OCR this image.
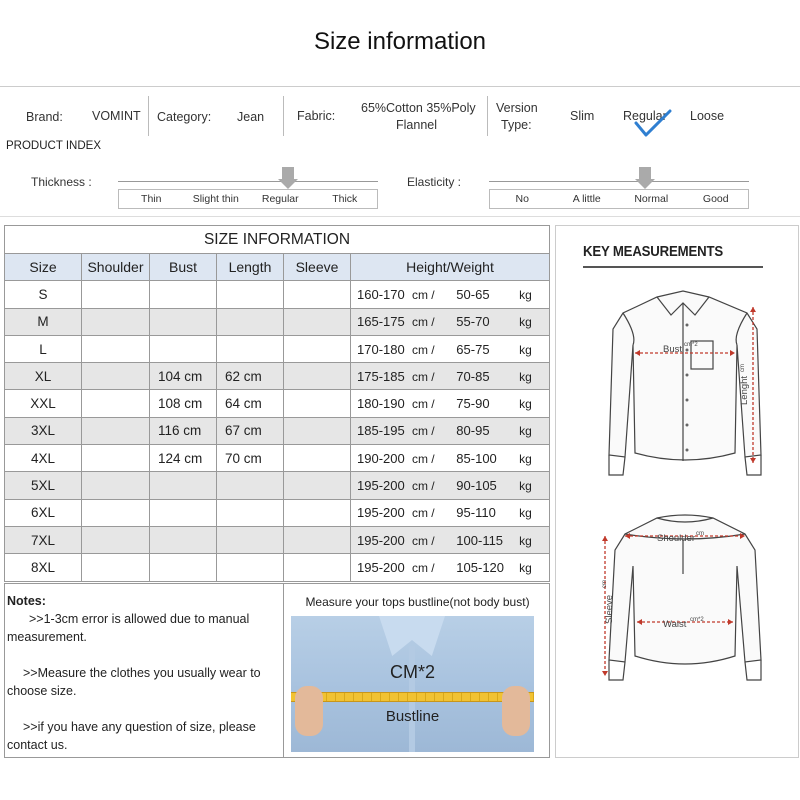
Size information
Brand: VOMINT Category: Jean	Fabric:
65%Cotton 35%Poly
Flannel
Version
Type:
Slim Regular Loose
PRODUCT INDEX
Thickness :
Thin	Slight thin	Regular	Thick
Elasticity :
No	A little	Normal	Good
SIZE INFORMATION					
Size	Shoulder	Bust	Length	Sleeve	Height/Weight
S					160-170 cm / 50-65 kg
M					165-175 cm / 55-70 kg
L					170-180 cm / 65-75 kg
XL		104 cm	62 cm		175-185 cm / 70-85 kg
XXL		108 cm	64 cm		180-190 cm / 75-90 kg
3XL		116 cm	67 cm		185-195 cm / 80-95 kg
4XL		124 cm	70 cm		190-200 cm / 85-100 kg
5XL					195-200 cm / 90-105 kg
6XL					195-200 cm / 95-110 kg
7XL					195-200 cm / 100-115 kg
8XL					195-200 cm / 105-120 kg
Notes:

>>1-3cm error is allowed due to manual measurement.

>>Measure the clothes you usually wear to choose size.

>>if you have any question of size, please contact us.

Measure your tops bustline(not body bust)
CM*2
Bustline
KEY MEASUREMENTS
Bust cm*2
Lenght
cm
Shoulder cm
Waist cm*2
Sleeve
cm
